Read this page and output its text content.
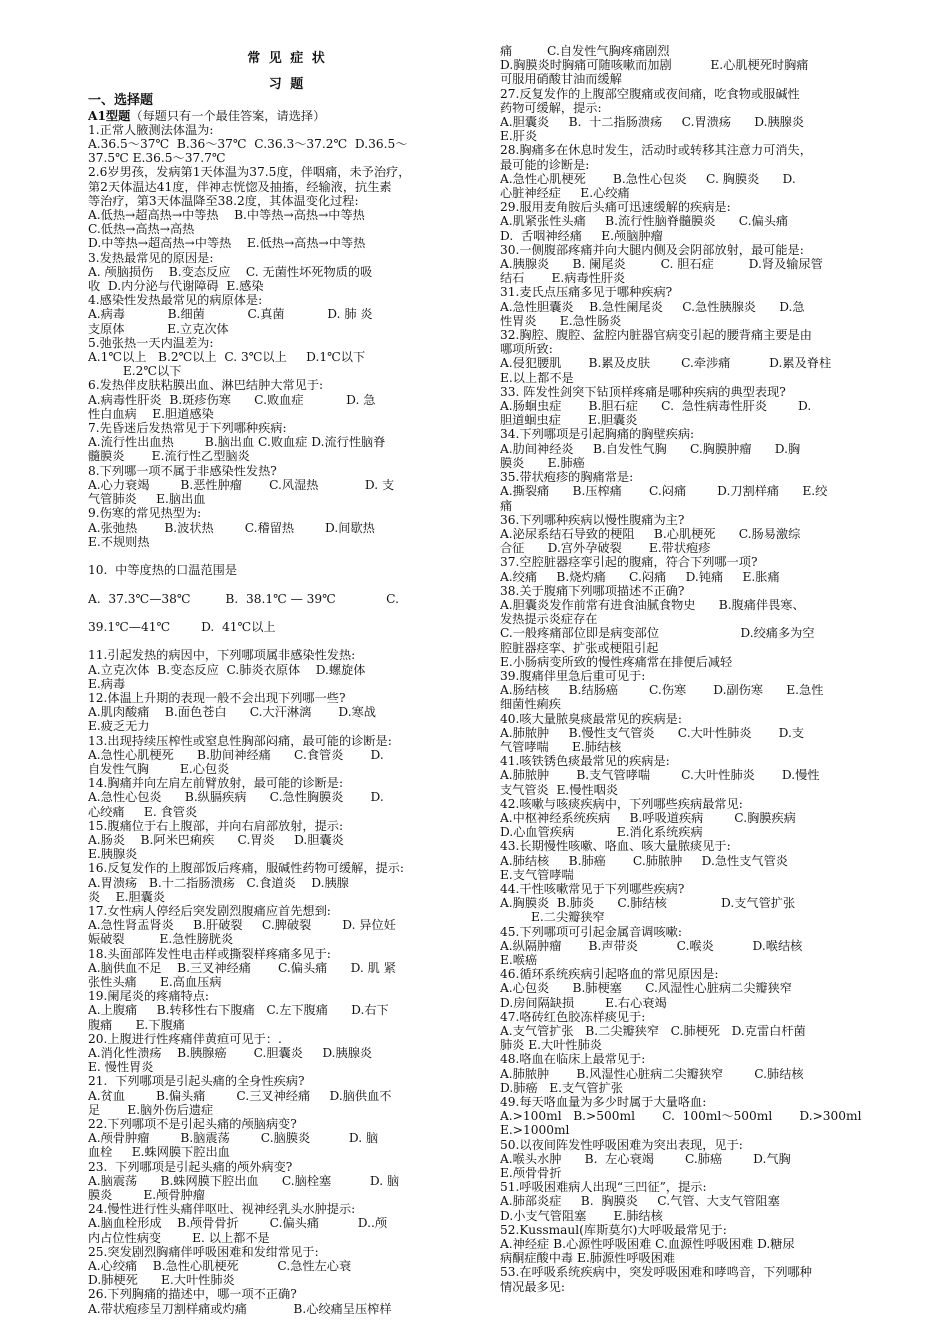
常 见 症 状
习 题
一、选择题
A1型题（每题只有一个最佳答案，请选择）
1.正常人腋测法体温为:
A.36.5～37℃  B.36～37℃  C.36.3～37.2℃  D.36.5～
37.5℃ E.36.5～37.7℃
2.6岁男孩，发病第1天体温为37.5度，伴咽痛，未予治疗，
第2天体温达41度，伴神志恍惚及抽搐，经输液，抗生素
等治疗，第3天体温降至38.2度，其体温变化过程:
A.低热→超高热→中等热    B.中等热→高热→中等热
C.低热→高热→高热
D.中等热→超高热→中等热    E.低热→高热→中等热
3.发热最常见的原因是:
A. 颅脑损伤    B.变态反应    C. 无菌性坏死物质的吸
收  D.内分泌与代谢障碍  E.感染
4.感染性发热最常见的病原体是:
A.病毒           B.细菌           C.真菌           D. 肺 炎
支原体           E.立克次体
5.弛张热一天内温差为:
A.1℃以上   B.2℃以上  C. 3℃以上     D.1℃以下
E.2℃以下
6.发热伴皮肤粘膜出血、淋巴结肿大常见于:
A.病毒性肝炎  B.斑疹伤寒      C.败血症           D. 急
性白血病    E.胆道感染
7.先昏迷后发热常见于下列哪种疾病:
A.流行性出血热        B.脑出血 C.败血症 D.流行性脑脊
髓膜炎       E.流行性乙型脑炎
8.下列哪一项不属于非感染性发热?
A.心力衰竭        B.恶性肿瘤       C.风湿热            D. 支
气管肺炎     E.脑出血
9.伤寒的常见热型为:
A.张弛热       B.波状热        C.稽留热        D.间歇热
E.不规则热

10.  中等度热的口温范围是

A.  37.3℃—38℃         B.  38.1℃ — 39℃             C.

39.1℃—41℃        D.  41℃以上

11.引起发热的病因中，下列哪项属非感染性发热:
A.立克次体  B.变态反应  C.肺炎衣原体    D.螺旋体
E.病毒
12.体温上升期的表现一般不会出现下列哪一些?
A.肌肉酸痛    B.面色苍白      C.大汗淋漓       D.寒战
E.疲乏无力
13.出现持续压榨性或窒息性胸部闷痛，最可能的诊断是:
A.急性心肌梗死      B.肋间神经痛      C.食管炎       D.
自发性气胸        E.心包炎
14.胸痛并向左肩左前臂放射，最可能的诊断是:
A.急性心包炎      B.纵膈疾病      C.急性胸膜炎       D.
心绞痛     E. 食管炎
15.腹痛位于右上腹部，并向右肩部放射，提示:
A.肠炎    B.阿米巴痢疾      C.胃炎     D.胆囊炎
E.胰腺炎
16.反复发作的上腹部饭后疼痛，服碱性药物可缓解，提示:
A.胃溃疡   B.十二指肠溃疡   C.食道炎    D.胰腺
炎    E.胆囊炎
17.女性病人停经后突发剧烈腹痛应首先想到:
A.急性肾盂肾炎     B.肝破裂     C.脾破裂        D. 异位妊
娠破裂         E.急性膀胱炎
18.头面部阵发性电击样或撕裂样疼痛多见于:
A.脑供血不足    B.三叉神经痛       C.偏头痛      D. 肌 紧
张性头痛      E.高血压病
19.阑尾炎的疼痛特点:
A.上腹痛     B.转移性右下腹痛   C.左下腹痛      D.右下
腹痛      E.下腹痛
20.上腹进行性疼痛伴黄疸可见于：.
A.消化性溃疡    B.胰腺癌       C.胆囊炎     D.胰腺炎
E. 慢性胃炎
21.  下列哪项是引起头痛的全身性疾病?
A.贫血        B.偏头痛        C.三叉神经痛     D.脑供血不
足       E.脑外伤后遗症
22.下列哪项不是引起头痛的颅脑病变?
A.颅骨肿瘤        B.脑震荡        C.脑膜炎          D. 脑
血栓     E.蛛网膜下腔出血
23.  下列哪项是引起头痛的颅外病变?
A.脑震荡      B.蛛网膜下腔出血      C.脑栓塞          D. 脑
膜炎        E.颅骨肿瘤
24.慢性进行性头痛伴呕吐、视神经乳头水肿提示:
A.脑血栓形成    B.颅骨骨折        C.偏头痛          D..颅
内占位性病变        E. 以上都不是
25.突发剧烈胸痛伴呼吸困难和发绀常见于:
A.心绞痛    B.急性心肌梗死          C.急性左心衰
D.肺梗死      E.大叶性肺炎
26.下列胸痛的描述中，哪一项不正确?
A.带状疱疹呈刀割样痛或灼痛            B.心绞痛呈压榨样
痛         C.自发性气胸疼痛剧烈
D.胸膜炎时胸痛可随咳嗽而加剧          E.心肌梗死时胸痛
可服用硝酸甘油而缓解
27.反复发作的上腹部空腹痛或夜间痛，吃食物或服碱性
药物可缓解，提示:
A.胆囊炎     B.  十二指肠溃疡     C.胃溃疡      D.胰腺炎
E.肝炎
28.胸痛多在休息时发生，活动时或转移其注意力可消失，
最可能的诊断是:
A.急性心肌梗死       B.急性心包炎     C. 胸膜炎      D.
心脏神经症     E.心绞痛
29.服用麦角胺后头痛可迅速缓解的疾病是:
A.肌紧张性头痛     B.流行性脑脊髓膜炎      C.偏头痛
D.  舌咽神经痛     E.颅脑肿瘤
30.一侧腹部疼痛并向大腿内侧及会阴部放射，最可能是:
A.胰腺炎      B. 阑尾炎         C. 胆石症         D.肾及输尿管
结石       E.病毒性肝炎
31.麦氏点压痛多见于哪种疾病?
A.急性胆囊炎    B.急性阑尾炎     C.急性胰腺炎      D.急
性胃炎      E.急性肠炎
32.胸腔、腹腔、盆腔内脏器官病变引起的腰背痛主要是由
哪项所致:
A.侵犯腰肌       B.累及皮肤        C.牵涉痛          D.累及脊柱
E.以上都不是
33. 阵发性剑突下钻顶样疼痛是哪种疾病的典型表现?
A.肠蛔虫症       B.胆石症      C.  急性病毒性肝炎        D.
胆道蛔虫症       E.胆囊炎
34.下列哪项是引起胸痛的胸壁疾病:
A.肋间神经炎     B.自发性气胸      C.胸膜肿瘤      D.胸
膜炎      E.肺癌
35.带状疱疹的胸痛常是:
A.撕裂痛      B.压榨痛       C.闷痛        D.刀割样痛      E.绞
痛
36.下列哪种疾病以慢性腹痛为主?
A.泌尿系结石导致的梗阻     B.心肌梗死      C.肠易激综
合征      D.宫外孕破裂       E.带状疱疹
37.空腔脏器痉挛引起的腹痛，符合下列哪一项?
A.绞痛     B.烧灼痛      C.闷痛     D.钝痛     E.胀痛
38.关于腹痛下列哪项描述不正确?
A.胆囊炎发作前常有进食油腻食物史      B.腹痛伴畏寒、
发热提示炎症存在
C.一般疼痛部位即是病变部位                     D.绞痛多为空
腔脏器痉挛、扩张或梗阻引起
E.小肠病变所致的慢性疼痛常在排便后减轻
39.腹痛伴里急后重可见于:
A.肠结核     B.结肠癌        C.伤寒       D.副伤寒      E.急性
细菌性痢疾
40.咳大量脓臭痰最常见的疾病是:
A.肺脓肿     B.慢性支气管炎      C.大叶性肺炎       D.支
气管哮喘      E.肺结核
41.咳铁锈色痰最常见的疾病是:
A.肺脓肿       B.支气管哮喘        C.大叶性肺炎       D.慢性
支气管炎  E.慢性咽炎
42.咳嗽与咳痰疾病中，下列哪些疾病最常见:
A.中枢神经系统疾病     B.呼吸道疾病        C.胸膜疾病
D.心血管疾病           E.消化系统疾病
43.长期慢性咳嗽、咯血、咳大量脓痰见于:
A.肺结核     B.肺癌       C.肺脓肿     D.急性支气管炎
E.支气管哮喘
44.干性咳嗽常见于下列哪些疾病?
A.胸膜炎  B.肺炎      C.肺结核              D.支气管扩张
E.二尖瓣狭窄
45.下列哪项可引起金属音调咳嗽:
A.纵隔肿瘤       B.声带炎          C.喉炎          D.喉结核
E.喉癌
46.循环系统疾病引起咯血的常见原因是:
A.心包炎      B.肺梗塞      C.风湿性心脏病二尖瓣狭窄
D.房间隔缺损        E.右心衰竭
47.咯砖红色胶冻样痰见于:
A.支气管扩张   B.二尖瓣狭窄   C.肺梗死   D.克雷白杆菌
肺炎 E.大叶性肺炎
48.咯血在临床上最常见于:
A.肺脓肿       B.风湿性心脏病二尖瓣狭窄        C.肺结核
D.肺癌   E.支气管扩张
49.每天咯血量为多少时属于大量咯血:
A.>100ml   B.>500ml       C.  100ml～500ml       D.>300ml
E.>1000ml
50.以夜间阵发性呼吸困难为突出表现，见于:
A.喉头水肿      B.  左心衰竭        C.肺癌        D.气胸
E.颅骨骨折
51.呼吸困难病人出现“三凹征”，提示:
A.肺部炎症     B.  胸膜炎     C.气管、大支气管阻塞
D.小支气管阻塞       E.肺结核
52.Kussmaul(库斯莫尔)大呼吸最常见于:
A.神经症 B.心源性呼吸困难 C.血源性呼吸困难 D.糖尿
病酮症酸中毒 E.肺源性呼吸困难
53.在呼吸系统疾病中，突发呼吸困难和哮鸣音，下列哪种
情况最多见:
